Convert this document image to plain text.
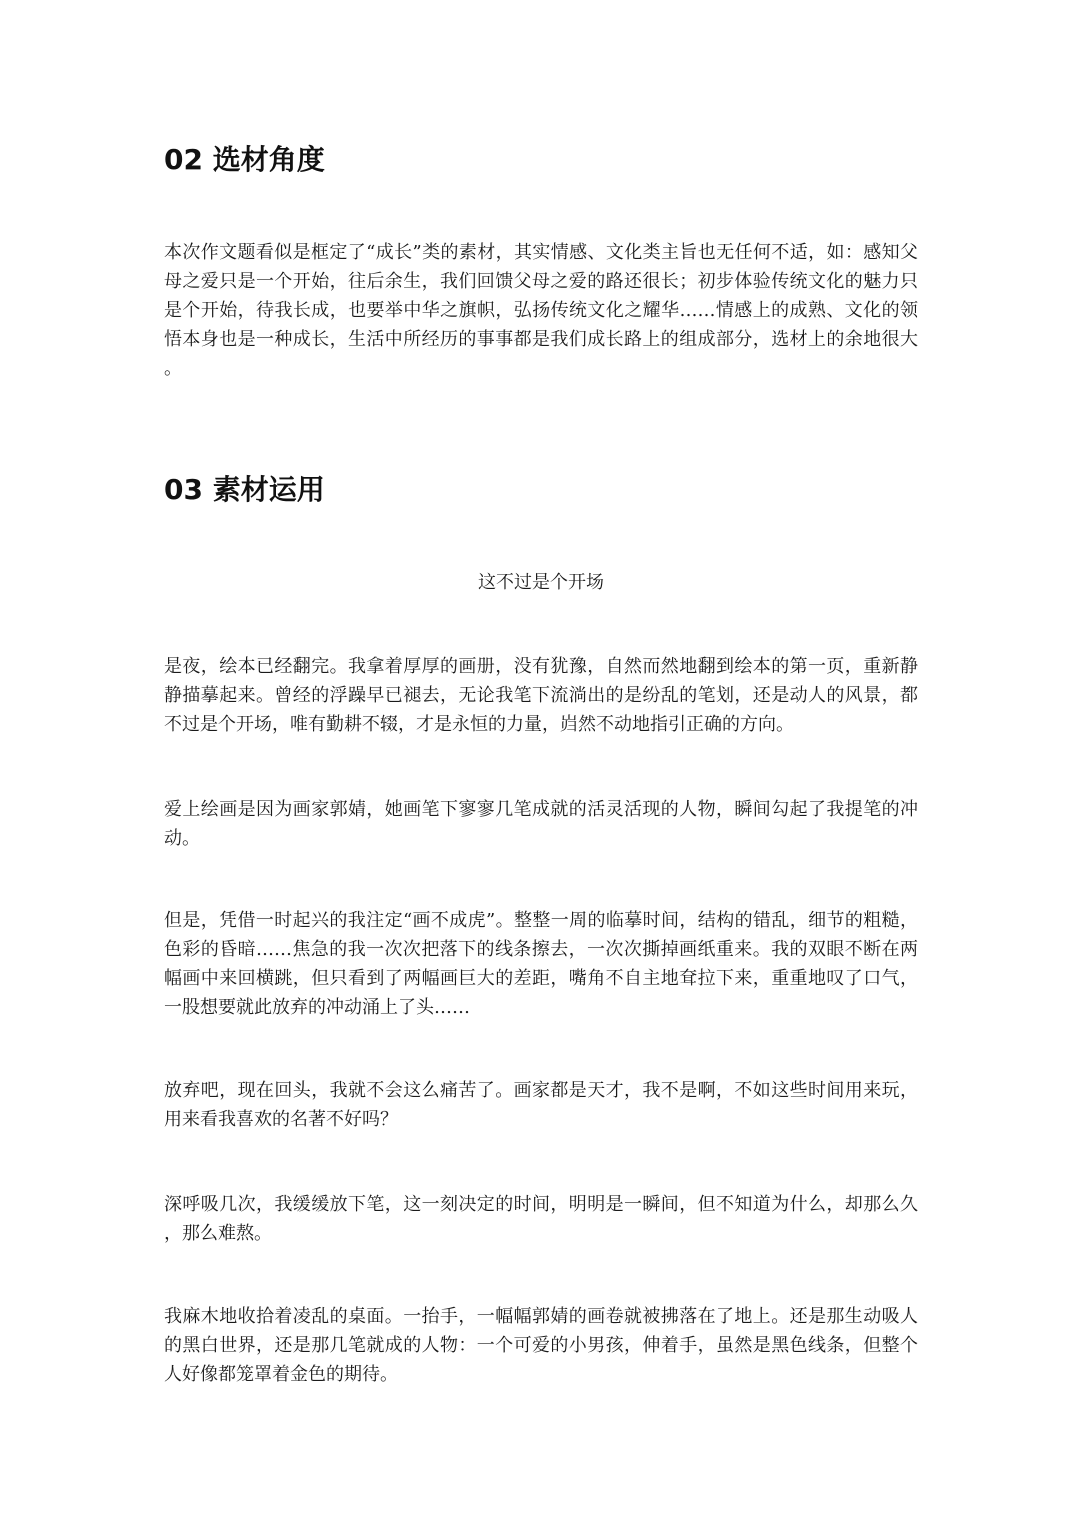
02 选材角度

本次作文题看似是框定了“成长”类的素材，其实情感、文化类主旨也无任何不适，如：感知父母之爱只是一个开始，往后余生，我们回馈父母之爱的路还很长；初步体验传统文化的魅力只是个开始，待我长成，也要举中华之旗帜，弘扬传统文化之耀华……情感上的成熟、文化的领悟本身也是一种成长，生活中所经历的事事都是我们成长路上的组成部分，选材上的余地很大。

03 素材运用

这不过是个开场

是夜，绘本已经翻完。我拿着厚厚的画册，没有犹豫，自然而然地翻到绘本的第一页，重新静静描摹起来。曾经的浮躁早已褪去，无论我笔下流淌出的是纷乱的笔划，还是动人的风景，都不过是个开场，唯有勤耕不辍，才是永恒的力量，岿然不动地指引正确的方向。

爱上绘画是因为画家郭婧，她画笔下寥寥几笔成就的活灵活现的人物，瞬间勾起了我提笔的冲动。

但是，凭借一时起兴的我注定“画不成虎”。整整一周的临摹时间，结构的错乱，细节的粗糙，色彩的昏暗……焦急的我一次次把落下的线条擦去，一次次撕掉画纸重来。我的双眼不断在两幅画中来回横跳，但只看到了两幅画巨大的差距，嘴角不自主地耷拉下来，重重地叹了口气，一股想要就此放弃的冲动涌上了头……

放弃吧，现在回头，我就不会这么痛苦了。画家都是天才，我不是啊，不如这些时间用来玩，用来看我喜欢的名著不好吗？

深呼吸几次，我缓缓放下笔，这一刻决定的时间，明明是一瞬间，但不知道为什么，却那么久，那么难熬。

我麻木地收拾着凌乱的桌面。一抬手，一幅幅郭婧的画卷就被拂落在了地上。还是那生动吸人的黑白世界，还是那几笔就成的人物：一个可爱的小男孩，伸着手，虽然是黑色线条，但整个人好像都笼罩着金色的期待。
